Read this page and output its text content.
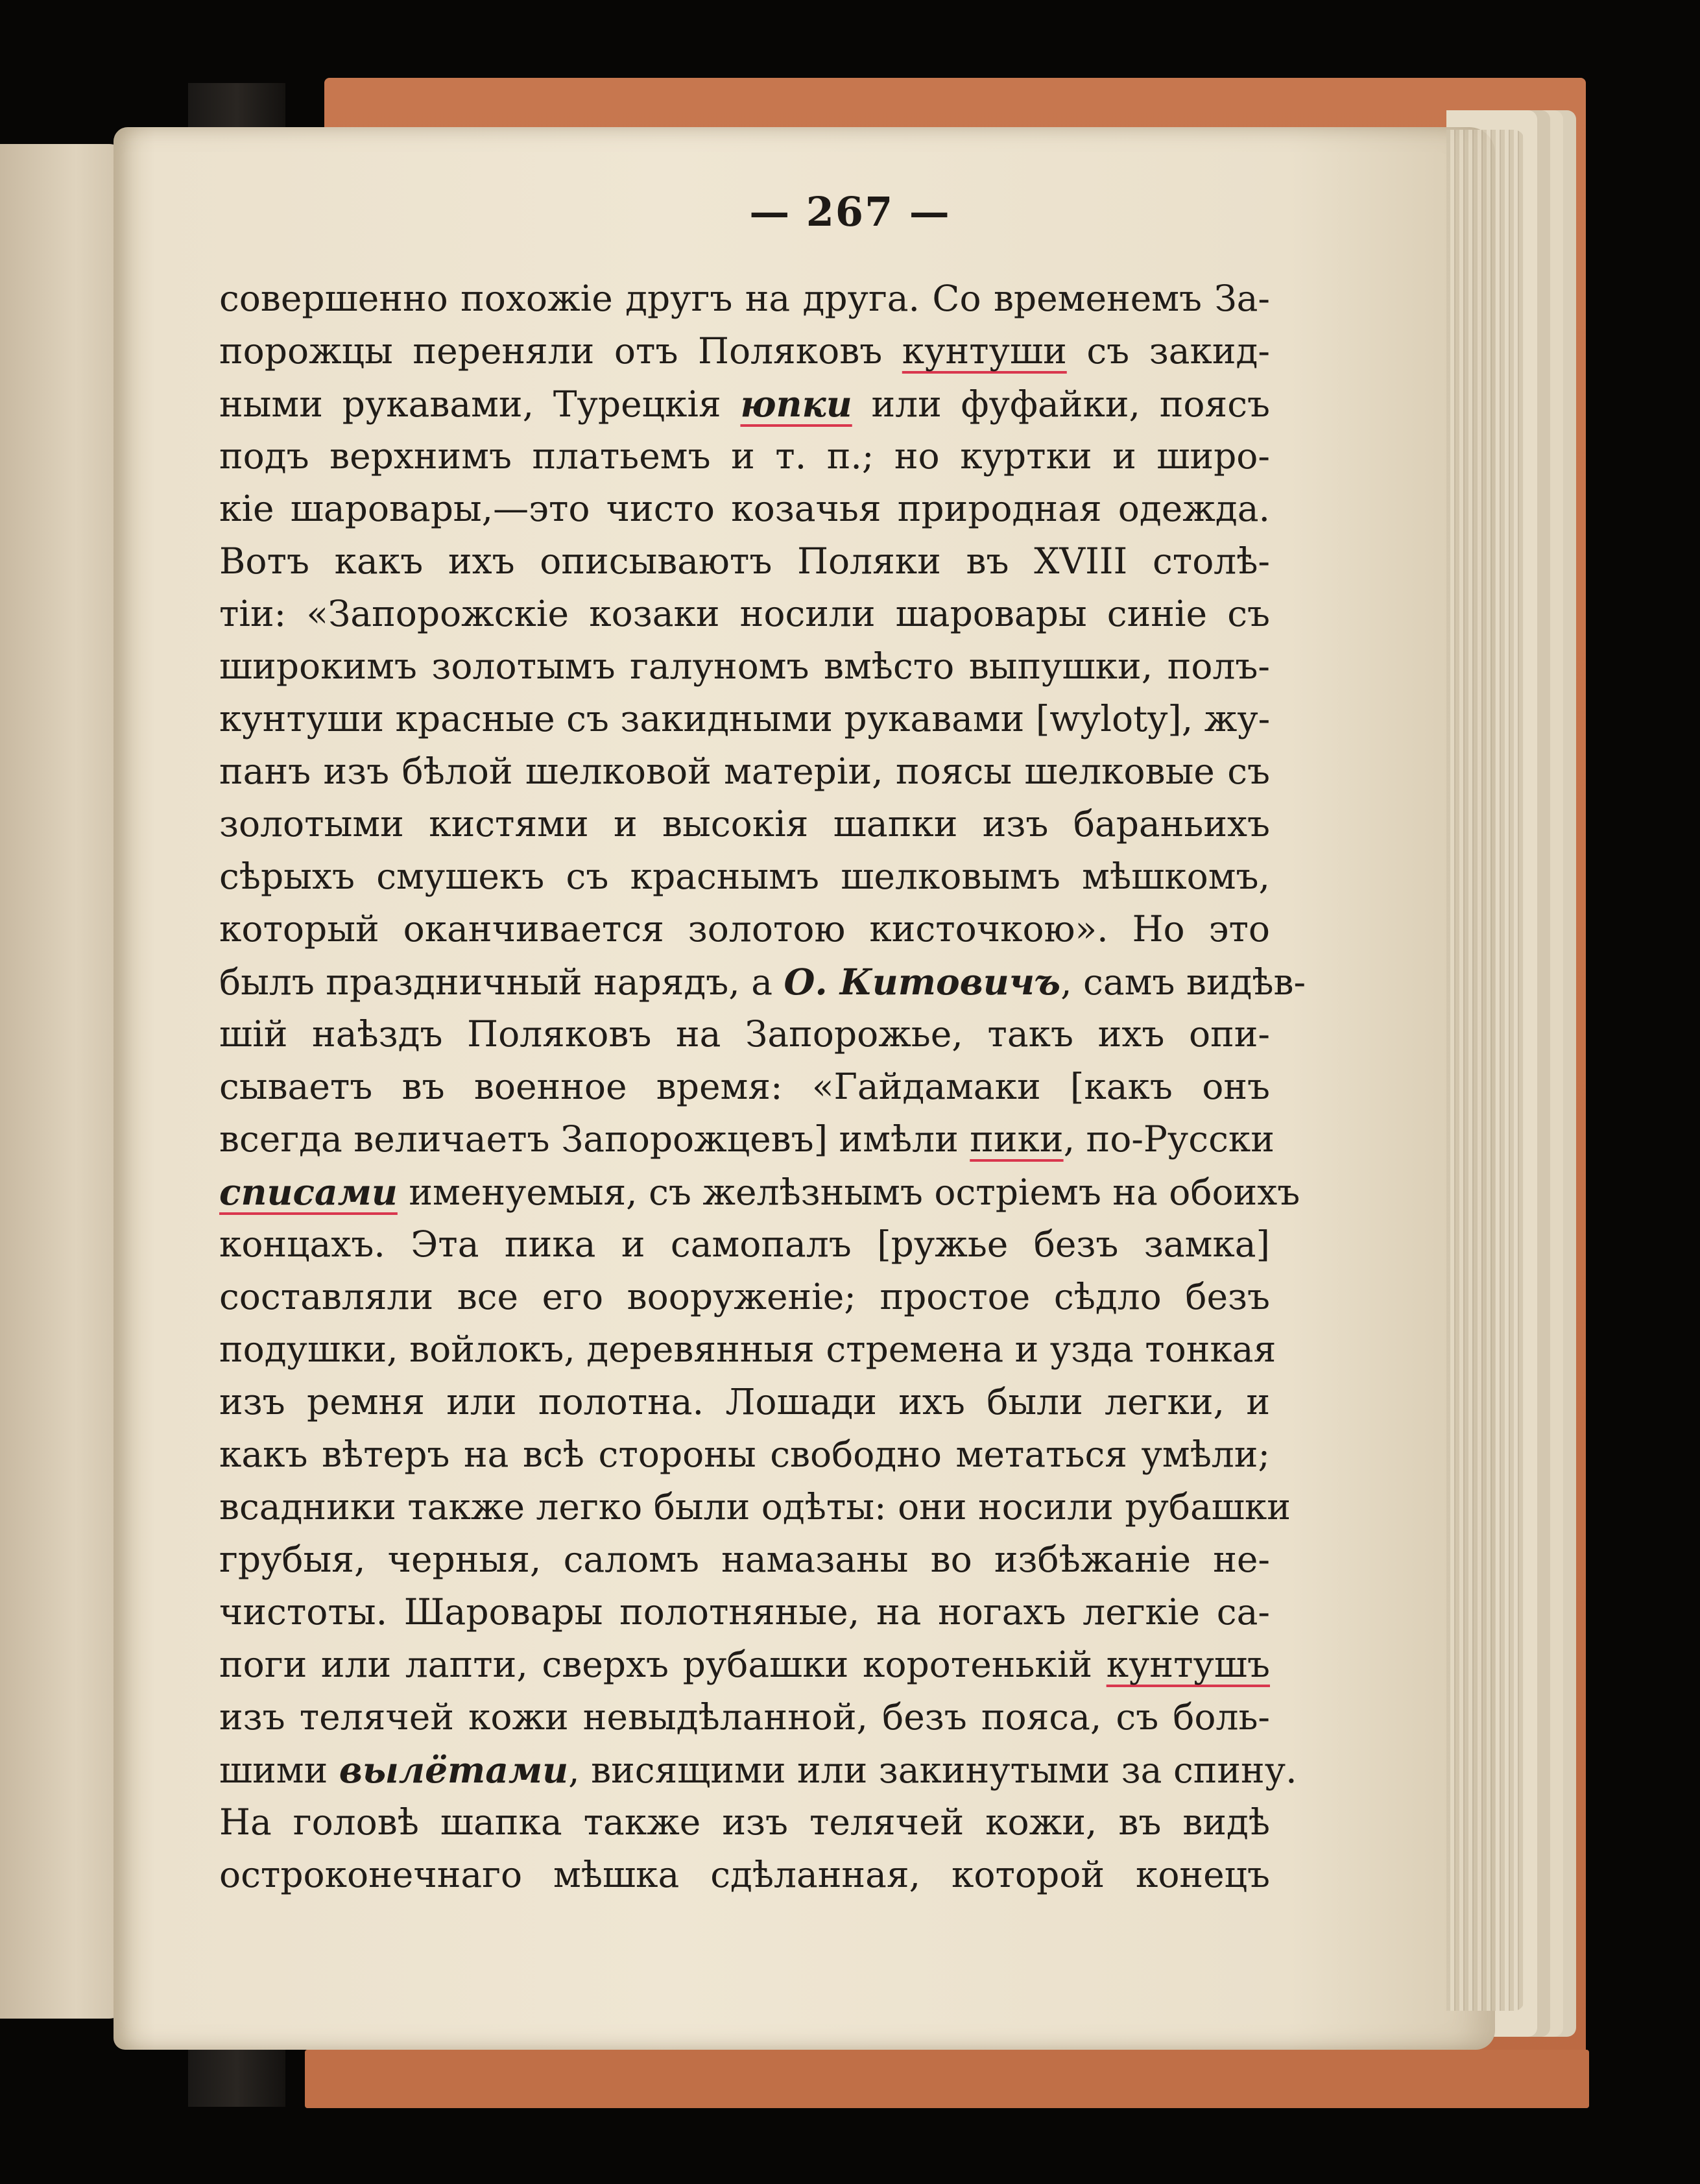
— 267 —
совершенно похожіе другъ на друга. Со временемъ За-
порожцы переняли отъ Поляковъ кунтуши съ закид-
ными рукавами, Турецкія юпки или фуфайки, поясъ
подъ верхнимъ платьемъ и т. п.; но куртки и широ-
кіе шаровары,—это чисто козачья природная одежда.
Вотъ какъ ихъ описываютъ Поляки въ XVIII столѣ-
тіи: «Запорожскіе козаки носили шаровары синіе съ
широкимъ золотымъ галуномъ вмѣсто выпушки, полъ-
кунтуши красные съ закидными рукавами [wyloty], жу-
панъ изъ бѣлой шелковой матеріи, поясы шелковые съ
золотыми кистями и высокія шапки изъ бараньихъ
сѣрыхъ смушекъ съ краснымъ шелковымъ мѣшкомъ,
который оканчивается золотою кисточкою». Но это
былъ праздничный нарядъ, а О. Китовичъ, самъ видѣв-
шій наѣздъ Поляковъ на Запорожье, такъ ихъ опи-
сываетъ въ военное время: «Гайдамаки [какъ онъ
всегда величаетъ Запорожцевъ] имѣли пики, по-Русски
списами именуемыя, съ желѣзнымъ остріемъ на обоихъ
концахъ. Эта пика и самопалъ [ружье безъ замка]
составляли все его вооруженіе; простое сѣдло безъ
подушки, войлокъ, деревянныя стремена и узда тонкая
изъ ремня или полотна. Лошади ихъ были легки, и
какъ вѣтеръ на всѣ стороны свободно метаться умѣли;
всадники также легко были одѣты: они носили рубашки
грубыя, черныя, саломъ намазаны во избѣжаніе не-
чистоты. Шаровары полотняные, на ногахъ легкіе са-
поги или лапти, сверхъ рубашки коротенькій кунтушъ
изъ телячей кожи невыдѣланной, безъ пояса, съ боль-
шими вылётами, висящими или закинутыми за спину.
На головѣ шапка также изъ телячей кожи, въ видѣ
остроконечнаго мѣшка сдѣланная, которой конецъ
